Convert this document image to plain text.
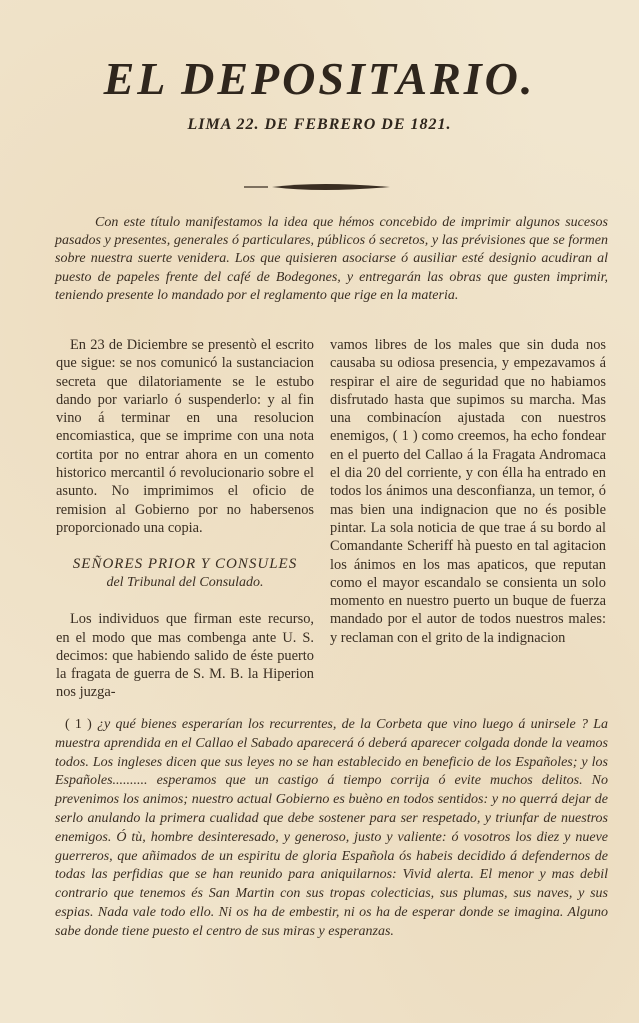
EL DEPOSITARIO.
LIMA 22. DE FEBRERO DE 1821.

Con este título manifestamos la idea que hémos concebido de imprimir algunos sucesos pasados y presentes, generales ó particulares, públicos ó secretos, y las prévisiones que se formen sobre nuestra suerte venidera. Los que quisieren asociarse ó ausiliar esté designio acudiran al puesto de papeles frente del café de Bodegones, y entregarán las obras que gusten imprimir, teniendo presente lo mandado por el reglamento que rige en la materia.

En 23 de Diciembre se presentò el escrito que sigue: se nos comunicó la sustanciacion secreta que dilatoriamente se le estubo dando por variarlo ó suspenderlo: y al fin vino á terminar en una resolucion encomiastica, que se imprime con una nota cortita por no entrar ahora en un comento historico mercantil ó revolucionario sobre el asunto. No imprimimos el oficio de remision al Gobierno por no habersenos proporcionado una copia.

SEÑORES PRIOR Y CONSULES
del Tribunal del Consulado.

Los individuos que firman este recurso, en el modo que mas combenga ante U. S. decimos: que habiendo salido de éste puerto la fragata de guerra de S. M. B. la Hiperion nos juzga-

vamos libres de los males que sin duda nos causaba su odiosa presencia, y empezavamos á respirar el aire de seguridad que no habiamos disfrutado hasta que supimos su marcha. Mas una combinacíon ajustada con nuestros enemigos, ( 1 ) como creemos, ha echo fondear en el puerto del Callao á la Fragata Andromaca el dia 20 del corriente, y con élla ha entrado en todos los ánimos una desconfianza, un temor, ó mas bien una indignacion que no és posible pintar. La sola noticia de que trae á su bordo al Comandante Scheriff hà puesto en tal agitacion los ánimos en los mas apaticos, que reputan como el mayor escandalo se consienta un solo momento en nuestro puerto un buque de fuerza mandado por el autor de todos nuestros males: y reclaman con el grito de la indignacion

( 1 ) ¿y qué bienes esperarían los recurrentes, de la Corbeta que vino luego á unirsele ? La muestra aprendida en el Callao el Sabado aparecerá ó deberá aparecer colgada donde la veamos todos. Los ingleses dicen que sus leyes no se han establecido en beneficio de los Españoles; y los Españoles.......... esperamos que un castigo á tiempo corrija ó evite muchos delitos. No prevenimos los animos; nuestro actual Gobierno es buèno en todos sentidos: y no querrá dejar de serlo anulando la primera cualidad que debe sostener para ser respetado, y triunfar de nuestros enemigos. Ó tù, hombre desinteresado, y generoso, justo y valiente: ó vosotros los diez y nueve guerreros, que añimados de un espiritu de gloria Española ós habeis decidido á defendernos de todas las perfidias que se han reunido para aniquilarnos: Vivid alerta. El menor y mas debil contrario que tenemos és San Martin con sus tropas colecticias, sus plumas, sus naves, y sus espias. Nada vale todo ello. Ni os ha de embestir, ni os ha de esperar donde se imagina. Alguno sabe donde tiene puesto el centro de sus miras y esperanzas.
